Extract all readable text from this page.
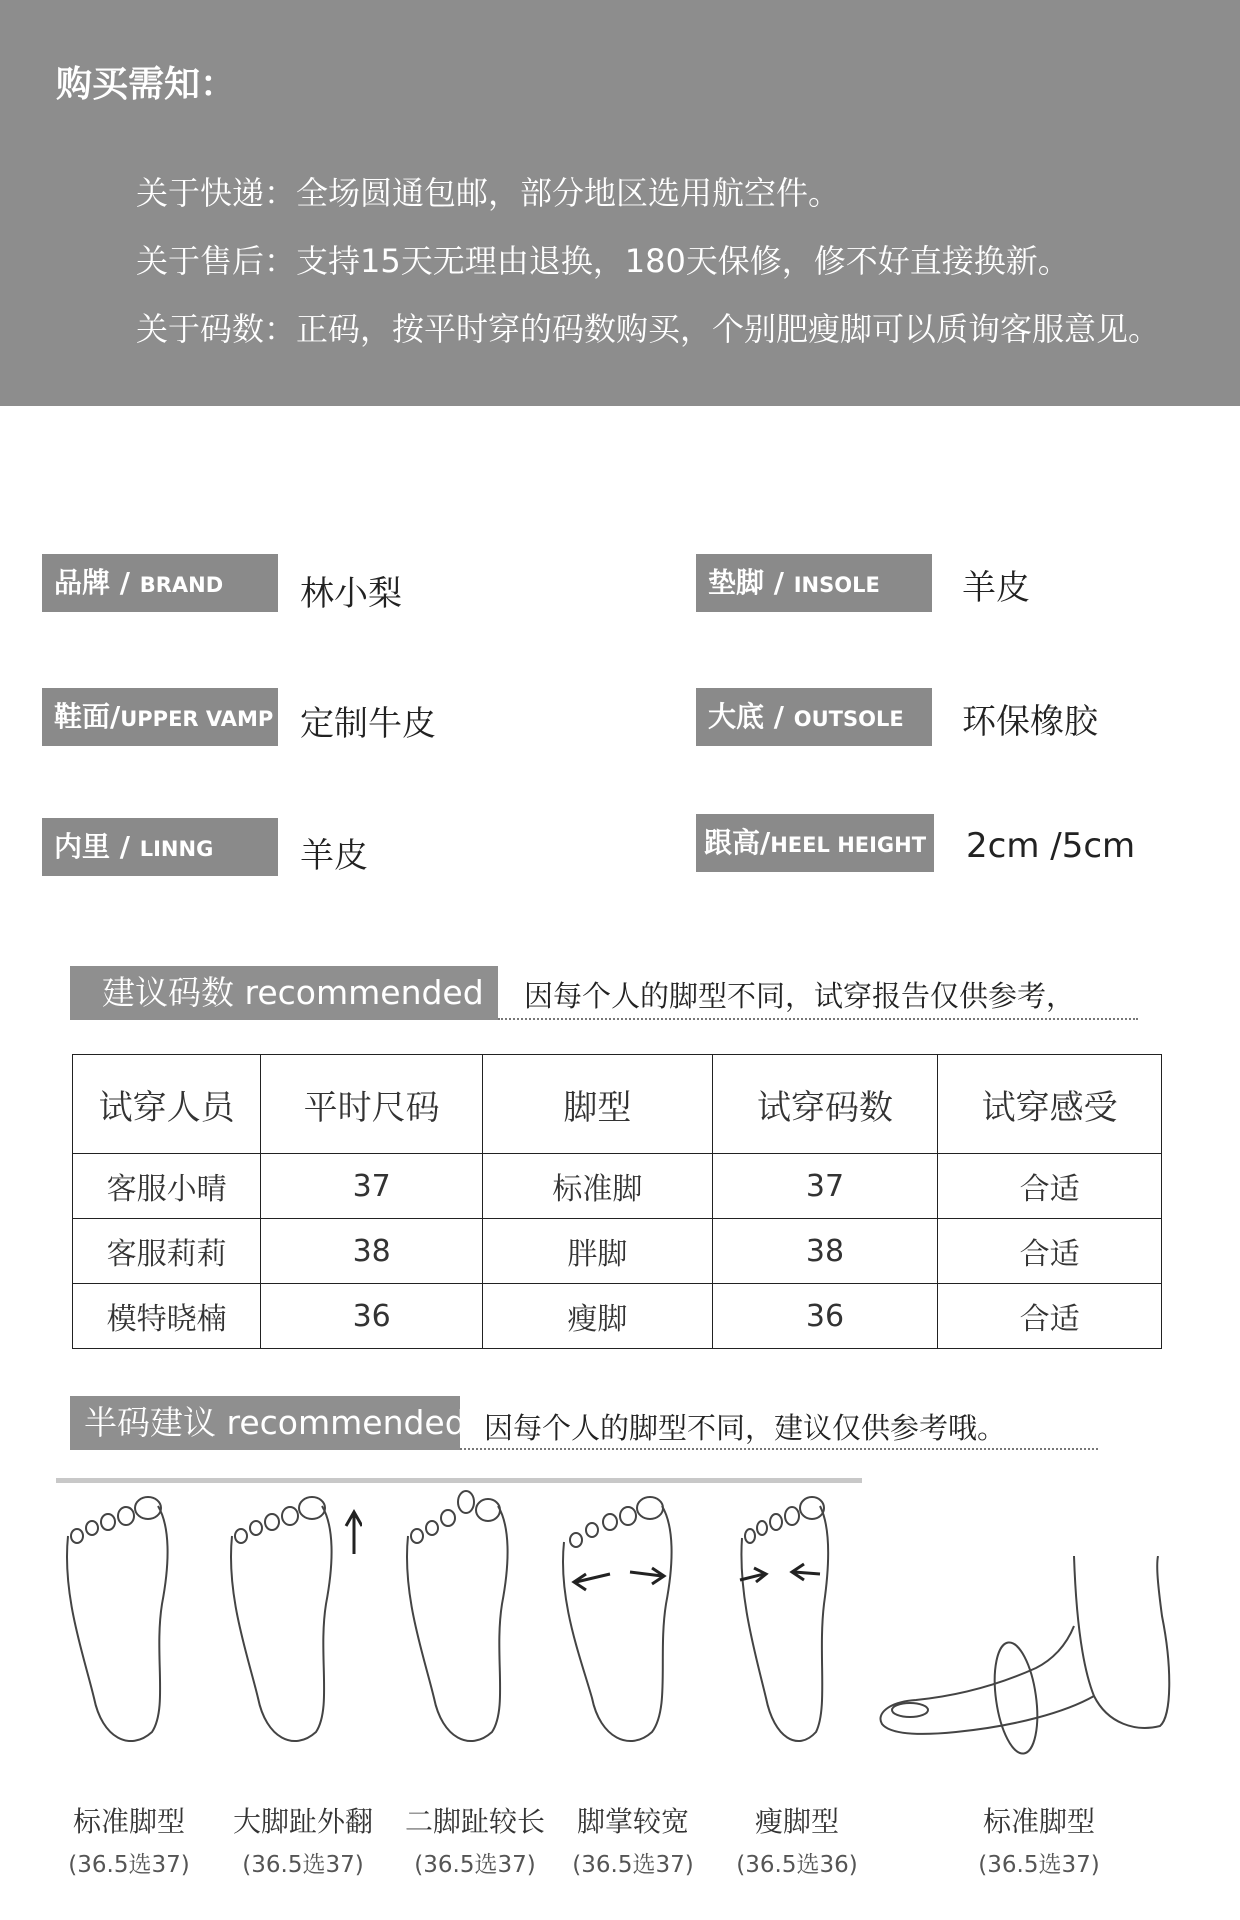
购买需知：
关于快递：全场圆通包邮，部分地区选用航空件。
关于售后：支持15天无理由退换，180天保修，修不好直接换新。
关于码数：正码，按平时穿的码数购买，个别肥瘦脚可以质询客服意见。
品牌 / BRAND	林小梨	垫脚 / INSOLE	羊皮
鞋面/UPPER VAMP 定制牛皮	大底 / OUTSOLE	环保橡胶
内里 / LINNG	羊皮	跟高/HEEL HEIGHT 2cm /5cm
建议码数 recommended	因每个人的脚型不同，试穿报告仅供参考，
试穿人员	平时尺码	脚型	试穿码数	试穿感受
客服小晴	37	标准脚	37	合适
客服莉莉	38	胖脚	38	合适
模特晓楠	36	瘦脚	36	合适
半码建议 recommended 因每个人的脚型不同，建议仅供参考哦。
标准脚型
(36.5选37)
大脚趾外翻
(36.5选37)
二脚趾较长
(36.5选37)
脚掌较宽
(36.5选37)
瘦脚型
(36.5选36)
标准脚型
(36.5选37)
